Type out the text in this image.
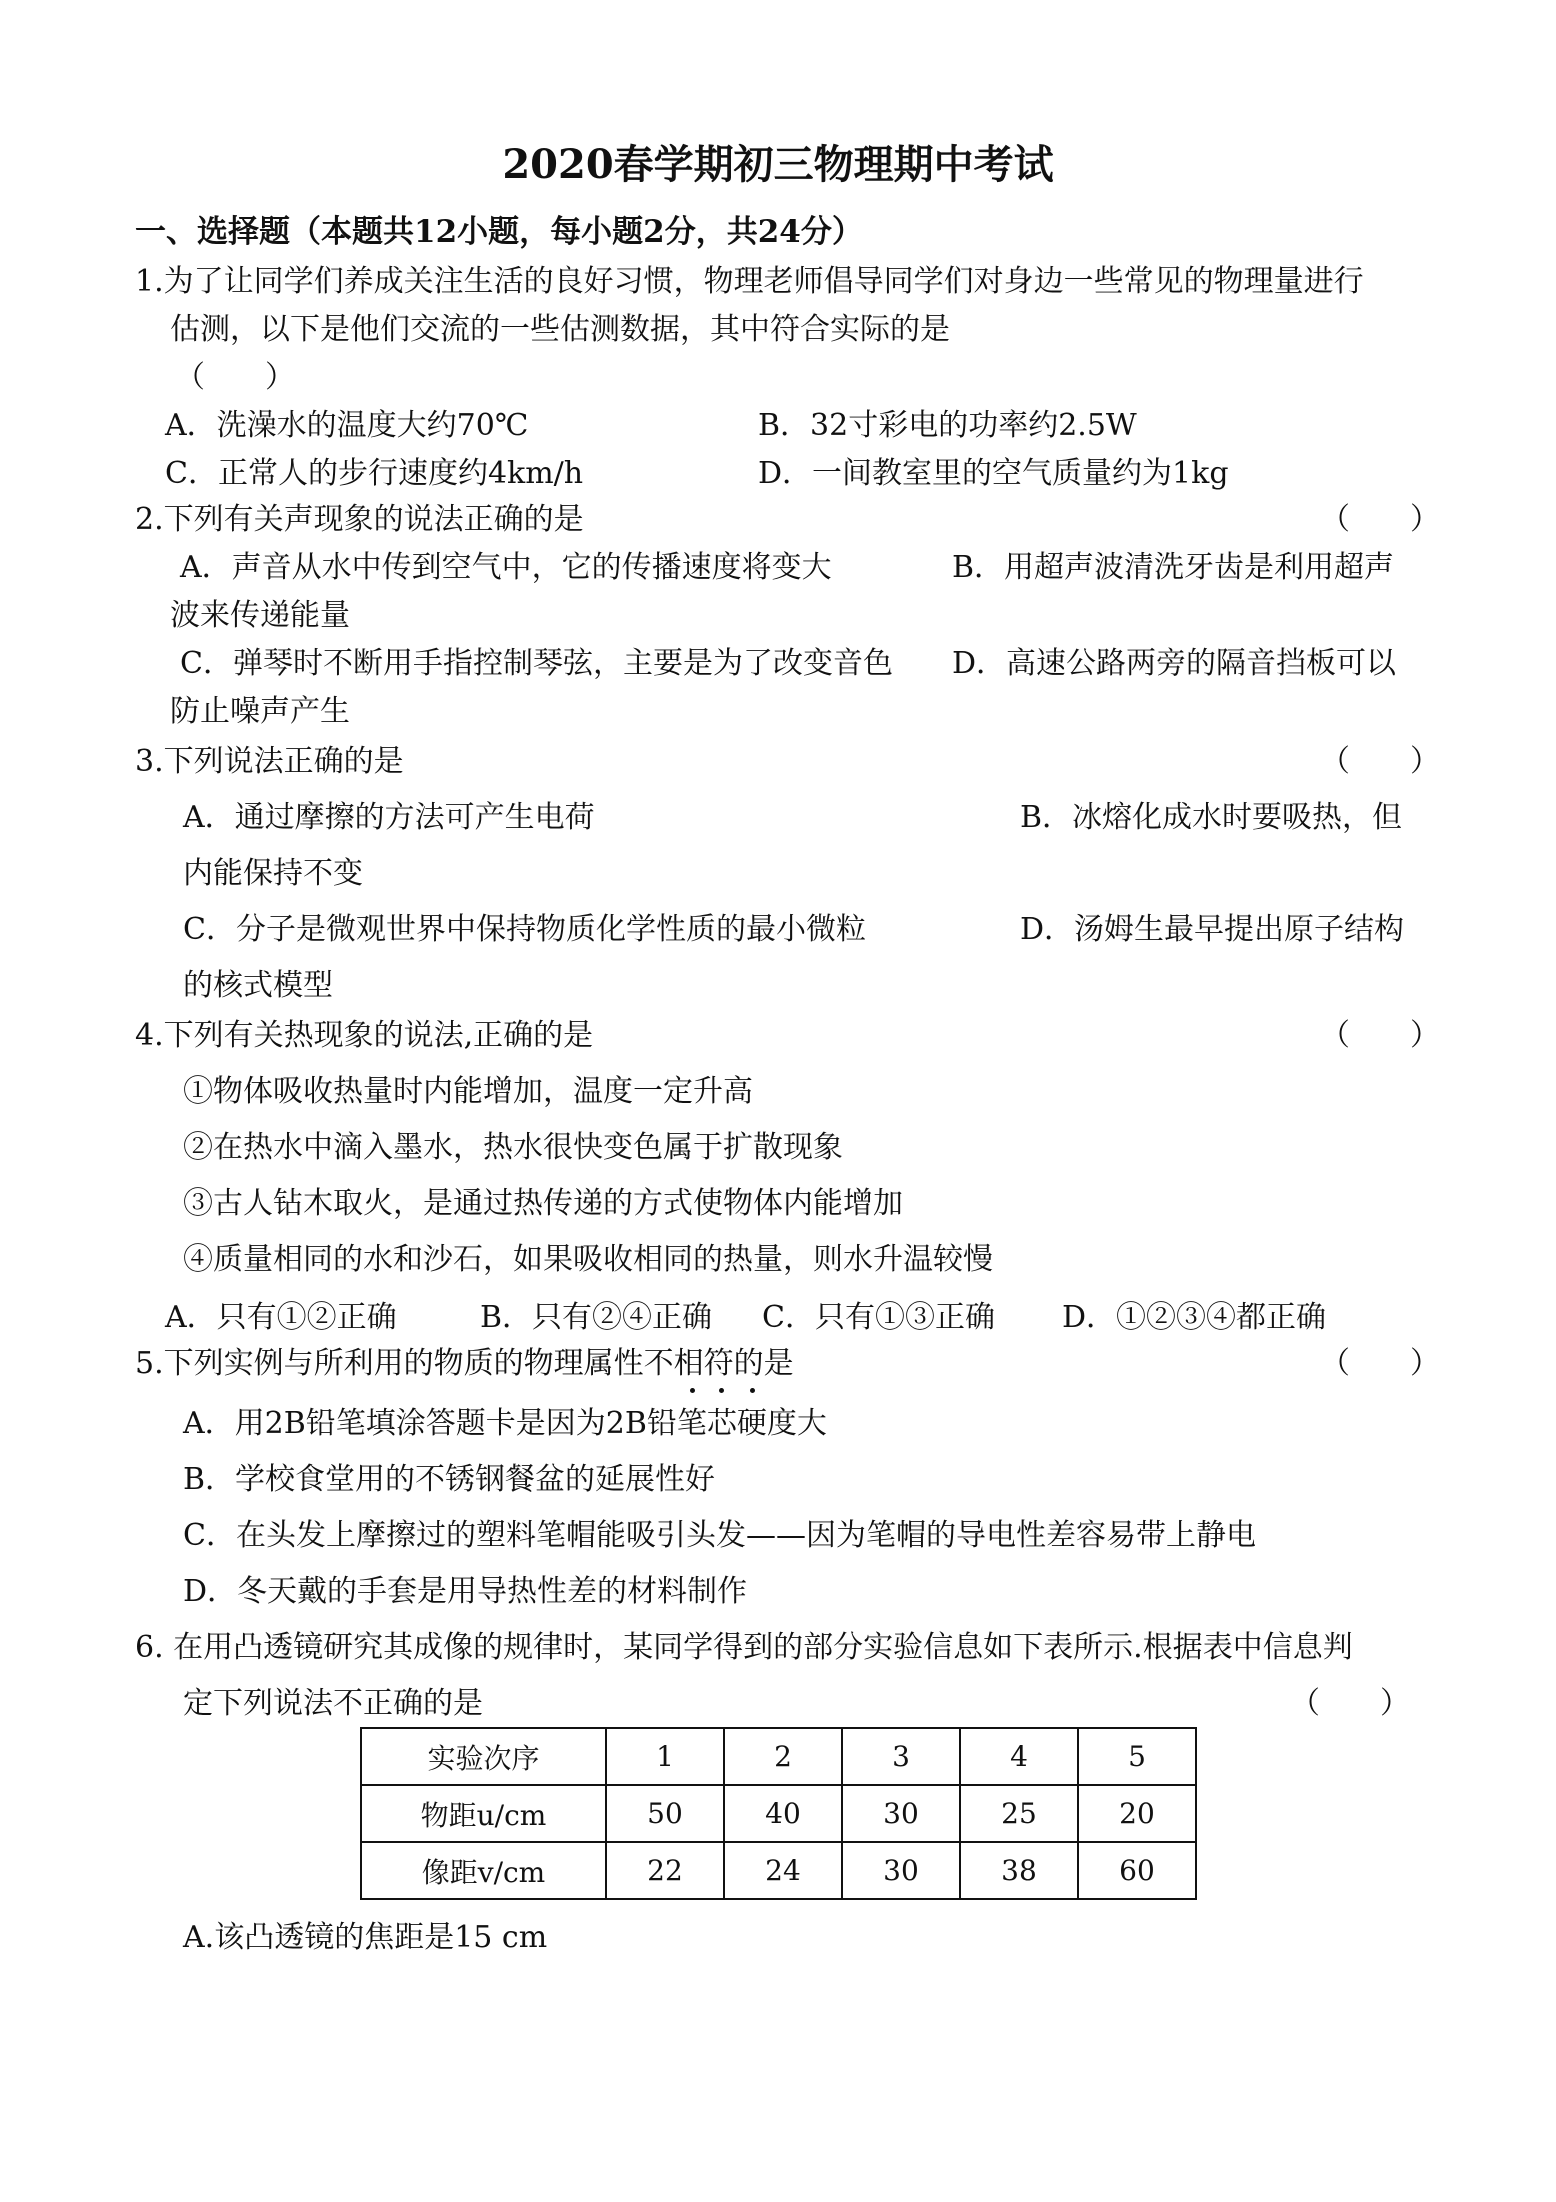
2020春学期初三物理期中考试
一、选择题（本题共12小题，每小题2分，共24分）
1.为了让同学们养成关注生活的良好习惯，物理老师倡导同学们对身边一些常见的物理量进行
估测，以下是他们交流的一些估测数据，其中符合实际的是
（　　）
A．洗澡水的温度大约70℃	B．32寸彩电的功率约2.5W
C．正常人的步行速度约4km/h	D．一间教室里的空气质量约为1kg
2.下列有关声现象的说法正确的是	（　　）
A．声音从水中传到空气中，它的传播速度将变大	B．用超声波清洗牙齿是利用超声
波来传递能量
C．弹琴时不断用手指控制琴弦，主要是为了改变音色 D．高速公路两旁的隔音挡板可以
防止噪声产生
3.下列说法正确的是	（　　）
A．通过摩擦的方法可产生电荷	B．冰熔化成水时要吸热，但
内能保持不变
C．分子是微观世界中保持物质化学性质的最小微粒	D．汤姆生最早提出原子结构
的核式模型
4.下列有关热现象的说法,正确的是	（　　）
①物体吸收热量时内能增加，温度一定升高
②在热水中滴入墨水，热水很快变色属于扩散现象
③古人钻木取火，是通过热传递的方式使物体内能增加
④质量相同的水和沙石，如果吸收相同的热量，则水升温较慢
A．只有①②正确	B．只有②④正确 C．只有①③正确 D．①②③④都正确
5.下列实例与所利用的物质的物理属性不相符的是	（　　）
A．用2B铅笔填涂答题卡是因为2B铅笔芯硬度大
B．学校食堂用的不锈钢餐盆的延展性好
C．在头发上摩擦过的塑料笔帽能吸引头发——因为笔帽的导电性差容易带上静电
D．冬天戴的手套是用导热性差的材料制作
6. 在用凸透镜研究其成像的规律时，某同学得到的部分实验信息如下表所示.根据表中信息判
定下列说法不正确的是	（　　）
实验次序	1	2	3	4	5
物距u/cm	50	40	30	25	20
像距v/cm	22	24	30	38	60
A.该凸透镜的焦距是15 cm
